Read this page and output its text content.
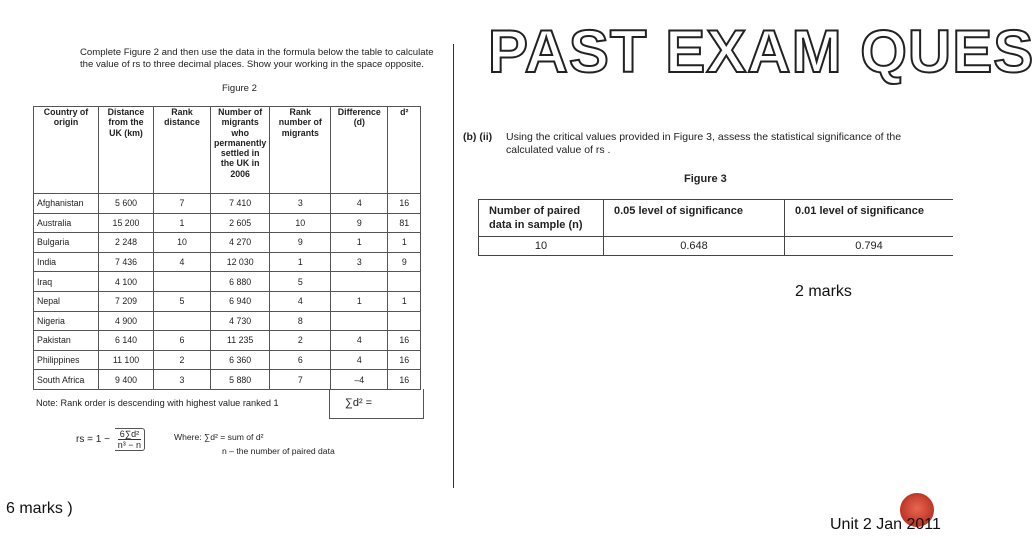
PAST EXAM QUES
Complete Figure 2 and then use the data in the formula below the table to calculate
the value of rs to three decimal places. Show your working in the space opposite.
Figure 2
Country of origin	Distance from the UK (km)	Rank distance	Number of migrants who permanently settled in the UK in 2006	Rank number of migrants	Difference (d)	d²
Afghanistan	5 600	7	7 410	3	4	16
Australia	15 200	1	2 605	10	9	81
Bulgaria	2 248	10	4 270	9	1	1
India	7 436	4	12 030	1	3	9
Iraq	4 100		6 880	5		
Nepal	7 209	5	6 940	4	1	1
Nigeria	4 900		4 730	8		
Pakistan	6 140	6	11 235	2	4	16
Philippines	11 100	2	6 360	6	4	16
South Africa	9 400	3	5 880	7	–4	16
Note: Rank order is descending with highest value ranked 1	∑d² =
rs = $1 - \frac{\text{6∑d²}}{\text{n³ − n}}$	Where: ∑d² = sum of d²
n – the number of paired data
6 marks )
(b) (ii) Using the critical values provided in Figure 3, assess the statistical significance of the
calculated value of rs .
Figure 3
Number of paired data in sample (n)	0.05 level of significance	0.01 level of significance
10	0.648	0.794
2 marks
Unit 2 Jan 2011
